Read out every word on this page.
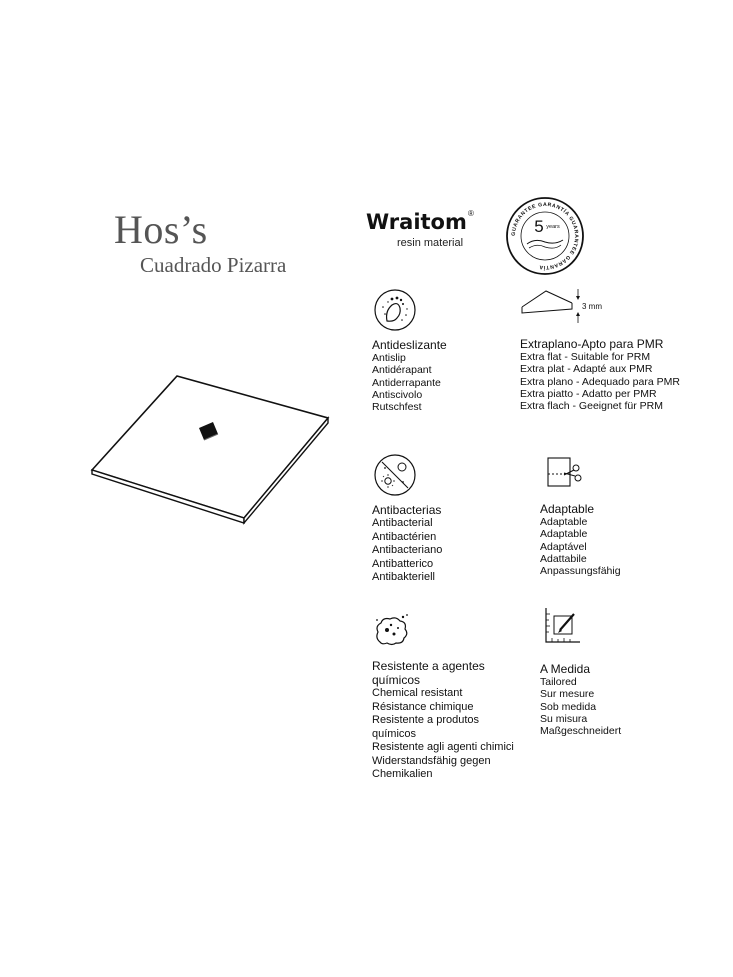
Hos’s
Cuadrado Pizarra
Wraitom ®
resin material
GUARANTEE GARANTÍA GUARANTEE GARANTÍA
5 years
Antideslizante
Antislip
Antidérapant
Antiderrapante
Antiscivolo
Rutschfest
3 mm
Extraplano-Apto para PMR
Extra flat - Suitable for PRM
Extra plat - Adapté aux PMR
Extra plano - Adequado para PMR
Extra piatto - Adatto per PMR
Extra flach - Geeignet für PRM
Antibacterias
Antibacterial
Antibactérien
Antibacteriano
Antibatterico
Antibakteriell
Adaptable
Adaptable
Adaptable
Adaptável
Adattabile
Anpassungsfähig
Resistente a agentes
químicos
Chemical resistant
Résistance chimique
Resistente a produtos
químicos
Resistente agli agenti chimici
Widerstandsfähig gegen
Chemikalien
A Medida
Tailored
Sur mesure
Sob medida
Su misura
Maßgeschneidert
